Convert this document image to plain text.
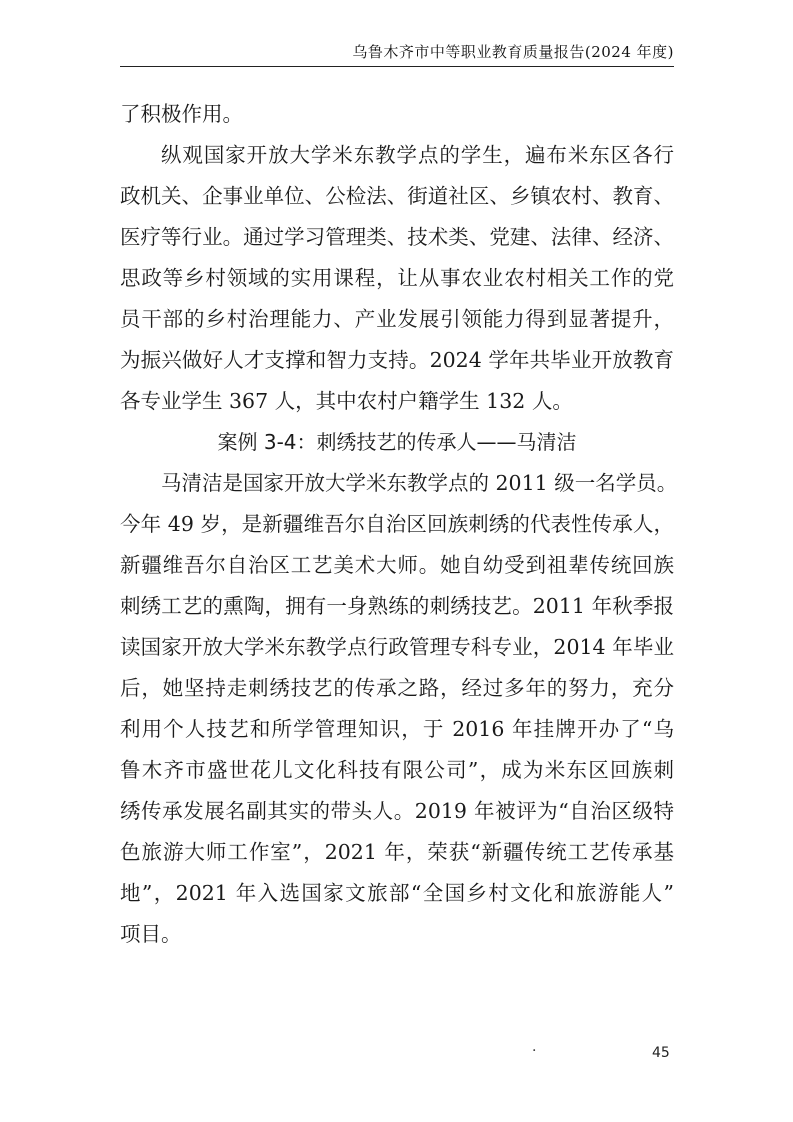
乌鲁木齐市中等职业教育质量报告(2024 年度)
了积极作用。
纵观国家开放大学米东教学点的学生，遍布米东区各行
政机关、企事业单位、公检法、街道社区、乡镇农村、教育、
医疗等行业。通过学习管理类、技术类、党建、法律、经济、
思政等乡村领域的实用课程，让从事农业农村相关工作的党
员干部的乡村治理能力、产业发展引领能力得到显著提升，
为振兴做好人才支撑和智力支持。2024 学年共毕业开放教育
各专业学生 367 人，其中农村户籍学生 132 人。
案例 3-4：刺绣技艺的传承人——马清洁
马清洁是国家开放大学米东教学点的 2011 级一名学员。
今年 49 岁，是新疆维吾尔自治区回族刺绣的代表性传承人，
新疆维吾尔自治区工艺美术大师。她自幼受到祖辈传统回族
刺绣工艺的熏陶，拥有一身熟练的刺绣技艺。2011 年秋季报
读国家开放大学米东教学点行政管理专科专业，2014 年毕业
后，她坚持走刺绣技艺的传承之路，经过多年的努力，充分
利用个人技艺和所学管理知识，于 2016 年挂牌开办了“乌
鲁木齐市盛世花儿文化科技有限公司”，成为米东区回族刺
绣传承发展名副其实的带头人。2019 年被评为“自治区级特
色旅游大师工作室”，2021 年，荣获“新疆传统工艺传承基
地”，2021 年入选国家文旅部“全国乡村文化和旅游能人”
项目。
·	45
